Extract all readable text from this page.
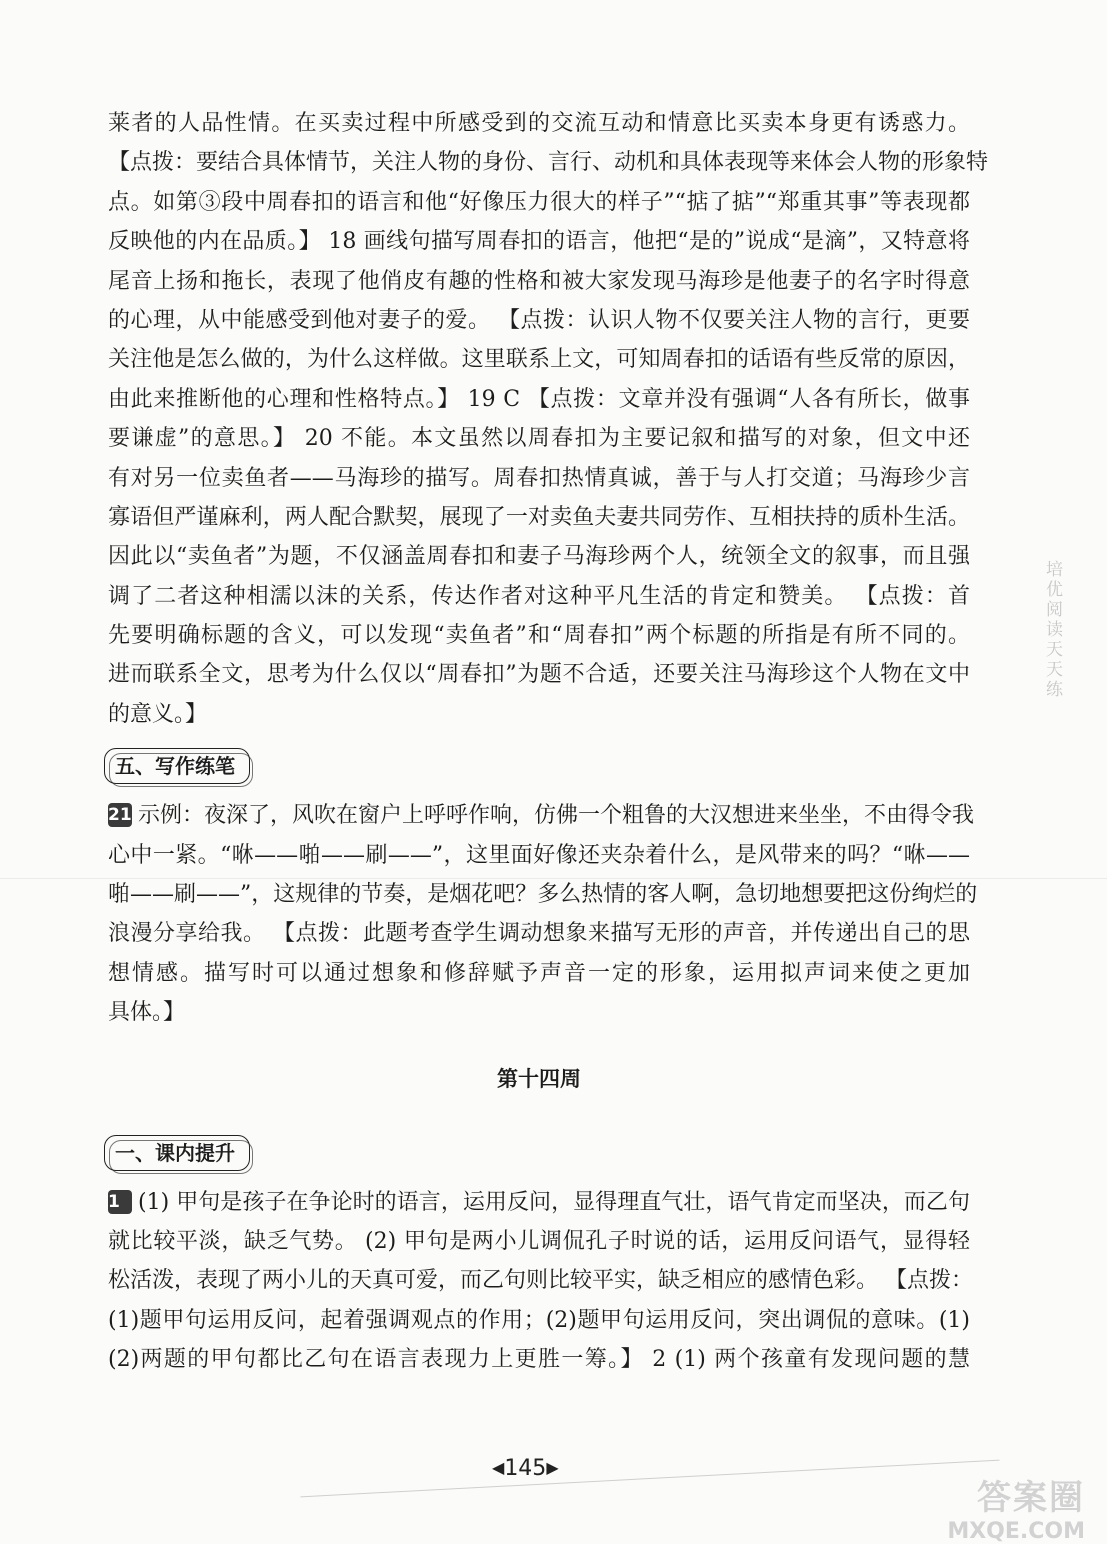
莱者的人品性情。在买卖过程中所感受到的交流互动和情意比买卖本身更有诱惑力。
【点拨：要结合具体情节，关注人物的身份、言行、动机和具体表现等来体会人物的形象特
点。如第③段中周春扣的语言和他“好像压力很大的样子”“掂了掂”“郑重其事”等表现都
反映他的内在品质。】 18 画线句描写周春扣的语言，他把“是的”说成“是滴”，又特意将
尾音上扬和拖长，表现了他俏皮有趣的性格和被大家发现马海珍是他妻子的名字时得意
的心理，从中能感受到他对妻子的爱。 【点拨：认识人物不仅要关注人物的言行，更要
关注他是怎么做的，为什么这样做。这里联系上文，可知周春扣的话语有些反常的原因，
由此来推断他的心理和性格特点。】 19 C 【点拨：文章并没有强调“人各有所长，做事
要谦虚”的意思。】 20 不能。本文虽然以周春扣为主要记叙和描写的对象，但文中还
有对另一位卖鱼者——马海珍的描写。周春扣热情真诚，善于与人打交道；马海珍少言
寡语但严谨麻利，两人配合默契，展现了一对卖鱼夫妻共同劳作、互相扶持的质朴生活。
因此以“卖鱼者”为题，不仅涵盖周春扣和妻子马海珍两个人，统领全文的叙事，而且强
调了二者这种相濡以沫的关系，传达作者对这种平凡生活的肯定和赞美。 【点拨：首
先要明确标题的含义，可以发现“卖鱼者”和“周春扣”两个标题的所指是有所不同的。
进而联系全文，思考为什么仅以“周春扣”为题不合适，还要关注马海珍这个人物在文中
的意义。】
五、写作练笔
21 示例：夜深了，风吹在窗户上呼呼作响，仿佛一个粗鲁的大汉想进来坐坐，不由得令我
心中一紧。“咻——啪——刷——”，这里面好像还夹杂着什么，是风带来的吗？“咻——
啪——刷——”，这规律的节奏，是烟花吧？多么热情的客人啊，急切地想要把这份绚烂的
浪漫分享给我。 【点拨：此题考查学生调动想象来描写无形的声音，并传递出自己的思
想情感。描写时可以通过想象和修辞赋予声音一定的形象，运用拟声词来使之更加
具体。】
第十四周
一、课内提升
1 (1) 甲句是孩子在争论时的语言，运用反问，显得理直气壮，语气肯定而坚决，而乙句
就比较平淡，缺乏气势。 (2) 甲句是两小儿调侃孔子时说的话，运用反问语气，显得轻
松活泼，表现了两小儿的天真可爱，而乙句则比较平实，缺乏相应的感情色彩。 【点拨：
(1)题甲句运用反问，起着强调观点的作用；(2)题甲句运用反问，突出调侃的意味。(1)
(2)两题的甲句都比乙句在语言表现力上更胜一筹。】 2 (1) 两个孩童有发现问题的慧
培优阅读天天练
◀145▶
答案圈
MXQE.COM
